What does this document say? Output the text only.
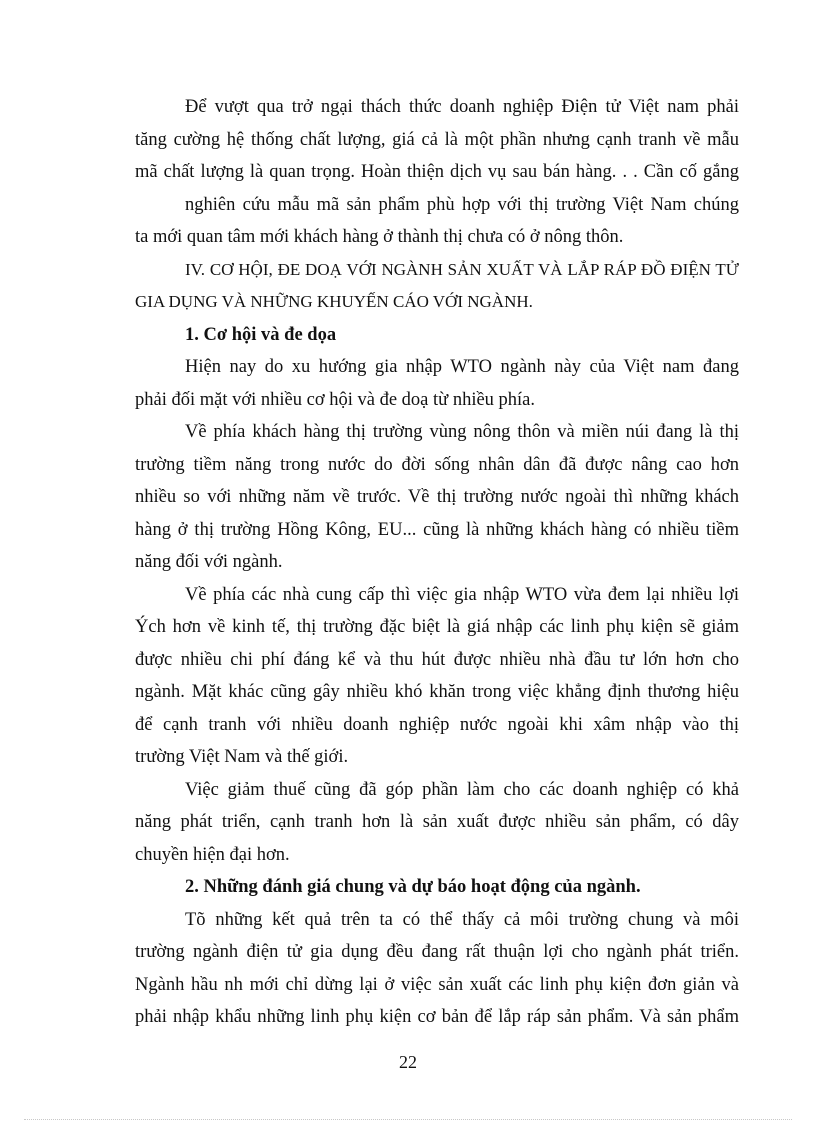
Để vượt qua trở ngại thách thức doanh nghiệp Điện tử Việt nam phải
tăng cường hệ thống chất lượng, giá cả là một phần nhưng cạnh tranh về mẫu
mã chất lượng là quan trọng. Hoàn thiện dịch vụ sau bán hàng. . . Cần cố gắng
nghiên cứu mẫu mã sản phẩm phù hợp với thị trường Việt Nam chúng
ta mới quan tâm mới khách hàng ở thành thị chưa có ở nông thôn.
IV. CƠ HỘI, ĐE DOẠ VỚI NGÀNH SẢN XUẤT VÀ LẮP RÁP ĐỒ ĐIỆN TỬ
GIA DỤNG VÀ NHỮNG KHUYẾN CÁO VỚI NGÀNH.
1. Cơ hội và đe dọa
Hiện nay do xu hướng gia nhập WTO ngành này của Việt nam đang
phải đối mặt với nhiều cơ hội và đe doạ từ nhiều phía.
Về phía khách hàng thị trường vùng nông thôn và miền núi đang là thị
trường tiềm năng trong nước do đời sống nhân dân đã được nâng cao hơn
nhiều so với những năm về trước. Về thị trường nước ngoài thì những khách
hàng ở thị trường Hồng Kông, EU... cũng là những khách hàng có nhiều tiềm
năng đối với ngành.
Về phía các nhà cung cấp thì việc gia nhập WTO vừa đem lại nhiều lợi
Ých hơn về kinh tế, thị trường đặc biệt là giá nhập các linh phụ kiện sẽ giảm
được nhiều chi phí đáng kể và thu hút được nhiều nhà đầu tư lớn hơn cho
ngành. Mặt khác cũng gây nhiều khó khăn trong việc khẳng định thương hiệu
để cạnh tranh với nhiều doanh nghiệp nước ngoài khi xâm nhập vào thị
trường Việt Nam và thế giới.
Việc giảm thuế cũng đã góp phần làm cho các doanh nghiệp có khả
năng phát triển, cạnh tranh hơn là sản xuất được nhiều sản phẩm, có dây
chuyền hiện đại hơn.
2. Những đánh giá chung và dự báo hoạt động của ngành.
Tõ những kết quả trên ta có thể thấy cả môi trường chung và môi
trường ngành điện tử gia dụng đều đang rất thuận lợi cho ngành phát triển.
Ngành hầu nh mới chỉ dừng lại ở việc sản xuất các linh phụ kiện đơn giản và
phải nhập khẩu những linh phụ kiện cơ bản để lắp ráp sản phẩm. Và sản phẩm
22
